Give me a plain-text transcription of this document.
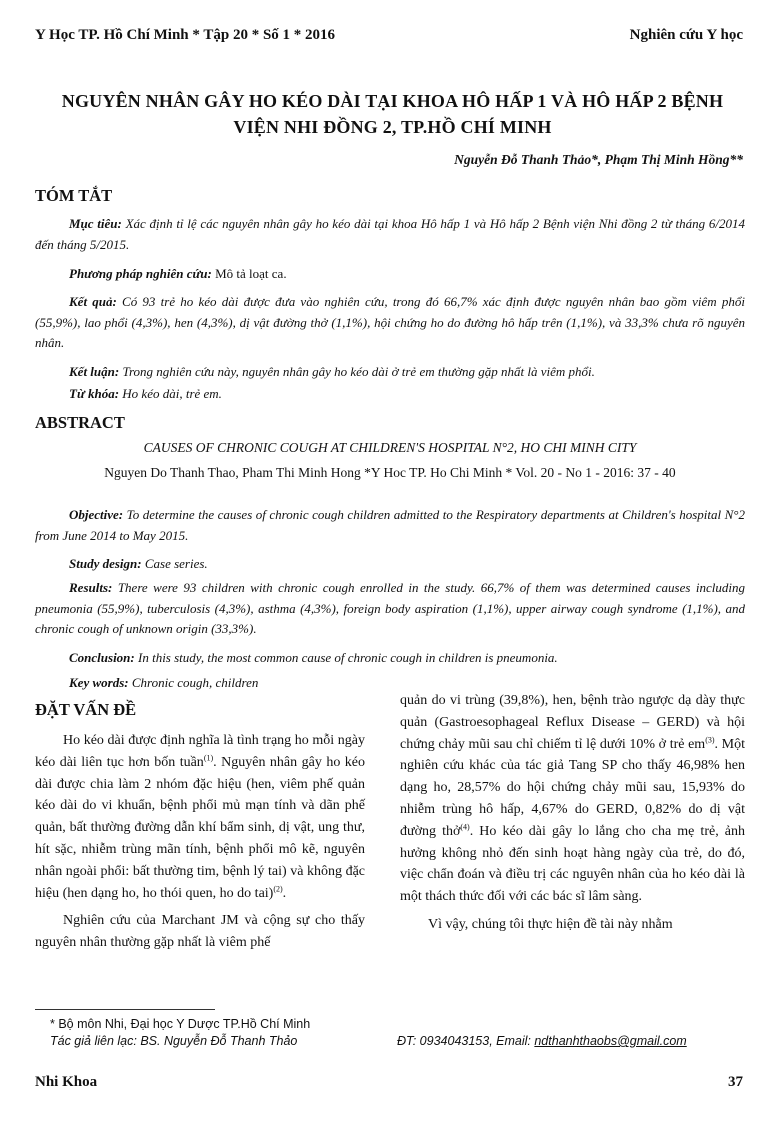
Y Học TP. Hồ Chí Minh * Tập 20 * Số 1 * 2016	Nghiên cứu Y học
NGUYÊN NHÂN GÂY HO KÉO DÀI TẠI KHOA HÔ HẤP 1 VÀ HÔ HẤP 2 BỆNH VIỆN NHI ĐỒNG 2, TP.HỒ CHÍ MINH
Nguyễn Đỗ Thanh Thảo*, Phạm Thị Minh Hồng**
TÓM TẮT
Mục tiêu: Xác định tỉ lệ các nguyên nhân gây ho kéo dài tại khoa Hô hấp 1 và Hô hấp 2 Bệnh viện Nhi đồng 2 từ tháng 6/2014 đến tháng 5/2015.
Phương pháp nghiên cứu: Mô tả loạt ca.
Kết quả: Có 93 trẻ ho kéo dài được đưa vào nghiên cứu, trong đó 66,7% xác định được nguyên nhân bao gồm viêm phổi (55,9%), lao phổi (4,3%), hen (4,3%), dị vật đường thở (1,1%), hội chứng ho do đường hô hấp trên (1,1%), và 33,3% chưa rõ nguyên nhân.
Kết luận: Trong nghiên cứu này, nguyên nhân gây ho kéo dài ở trẻ em thường gặp nhất là viêm phổi.
Từ khóa: Ho kéo dài, trẻ em.
ABSTRACT
CAUSES OF CHRONIC COUGH AT CHILDREN'S HOSPITAL N°2, HO CHI MINH CITY
Nguyen Do Thanh Thao, Pham Thi Minh Hong *Y Hoc TP. Ho Chi Minh * Vol. 20 - No 1 - 2016: 37 - 40
Objective: To determine the causes of chronic cough children admitted to the Respiratory departments at Children's hospital N°2 from June 2014 to May 2015.
Study design: Case series.
Results: There were 93 children with chronic cough enrolled in the study. 66,7% of them was determined causes including pneumonia (55,9%), tuberculosis (4,3%), asthma (4,3%), foreign body aspiration (1,1%), upper airway cough syndrome (1,1%), and chronic cough of unknown origin (33,3%).
Conclusion: In this study, the most common cause of chronic cough in children is pneumonia.
Key words: Chronic cough, children
ĐẶT VẤN ĐỀ

Ho kéo dài được định nghĩa là tình trạng ho mỗi ngày kéo dài liên tục hơn bốn tuần$^{(1)}$. Nguyên nhân gây ho kéo dài được chia làm 2 nhóm đặc hiệu (hen, viêm phế quản kéo dài do vi khuẩn, bệnh phổi mủ mạn tính và dãn phế quản, bất thường đường dẫn khí bẩm sinh, dị vật, ung thư, hít sặc, nhiễm trùng mãn tính, bệnh phổi mô kẽ, nguyên nhân ngoài phổi: bất thường tim, bệnh lý tai) và không đặc hiệu (hen dạng ho, ho thói quen, ho do tai)$^{(2)}$.

Nghiên cứu của Marchant JM và cộng sự cho thấy nguyên nhân thường gặp nhất là viêm phế

quản do vi trùng (39,8%), hen, bệnh trào ngược dạ dày thực quản (Gastroesophageal Reflux Disease – GERD) và hội chứng chảy mũi sau chỉ chiếm tỉ lệ dưới 10% ở trẻ $em^{(3)}$. Một nghiên cứu khác của tác giả Tang SP cho thấy 46,98% hen dạng ho, 28,57% do hội chứng chảy mũi sau, 15,93% do nhiễm trùng hô hấp, 4,67% do GERD, 0,82% do dị vật đường thở$^{(4)}$. Ho kéo dài gây lo lắng cho cha mẹ trẻ, ảnh hưởng không nhỏ đến sinh hoạt hàng ngày của trẻ, do đó, việc chẩn đoán và điều trị các nguyên nhân của ho kéo dài là một thách thức đối với các bác sĩ lâm sàng.

Vì vậy, chúng tôi thực hiện đề tài này nhằm

* Bộ môn Nhi, Đại học Y Dược TP.Hồ Chí Minh
Tác giả liên lạc: BS. Nguyễn Đỗ Thanh Thảo	ĐT: 0934043153, Email: ndthanhthaobs@gmail.com
Nhi Khoa	37
